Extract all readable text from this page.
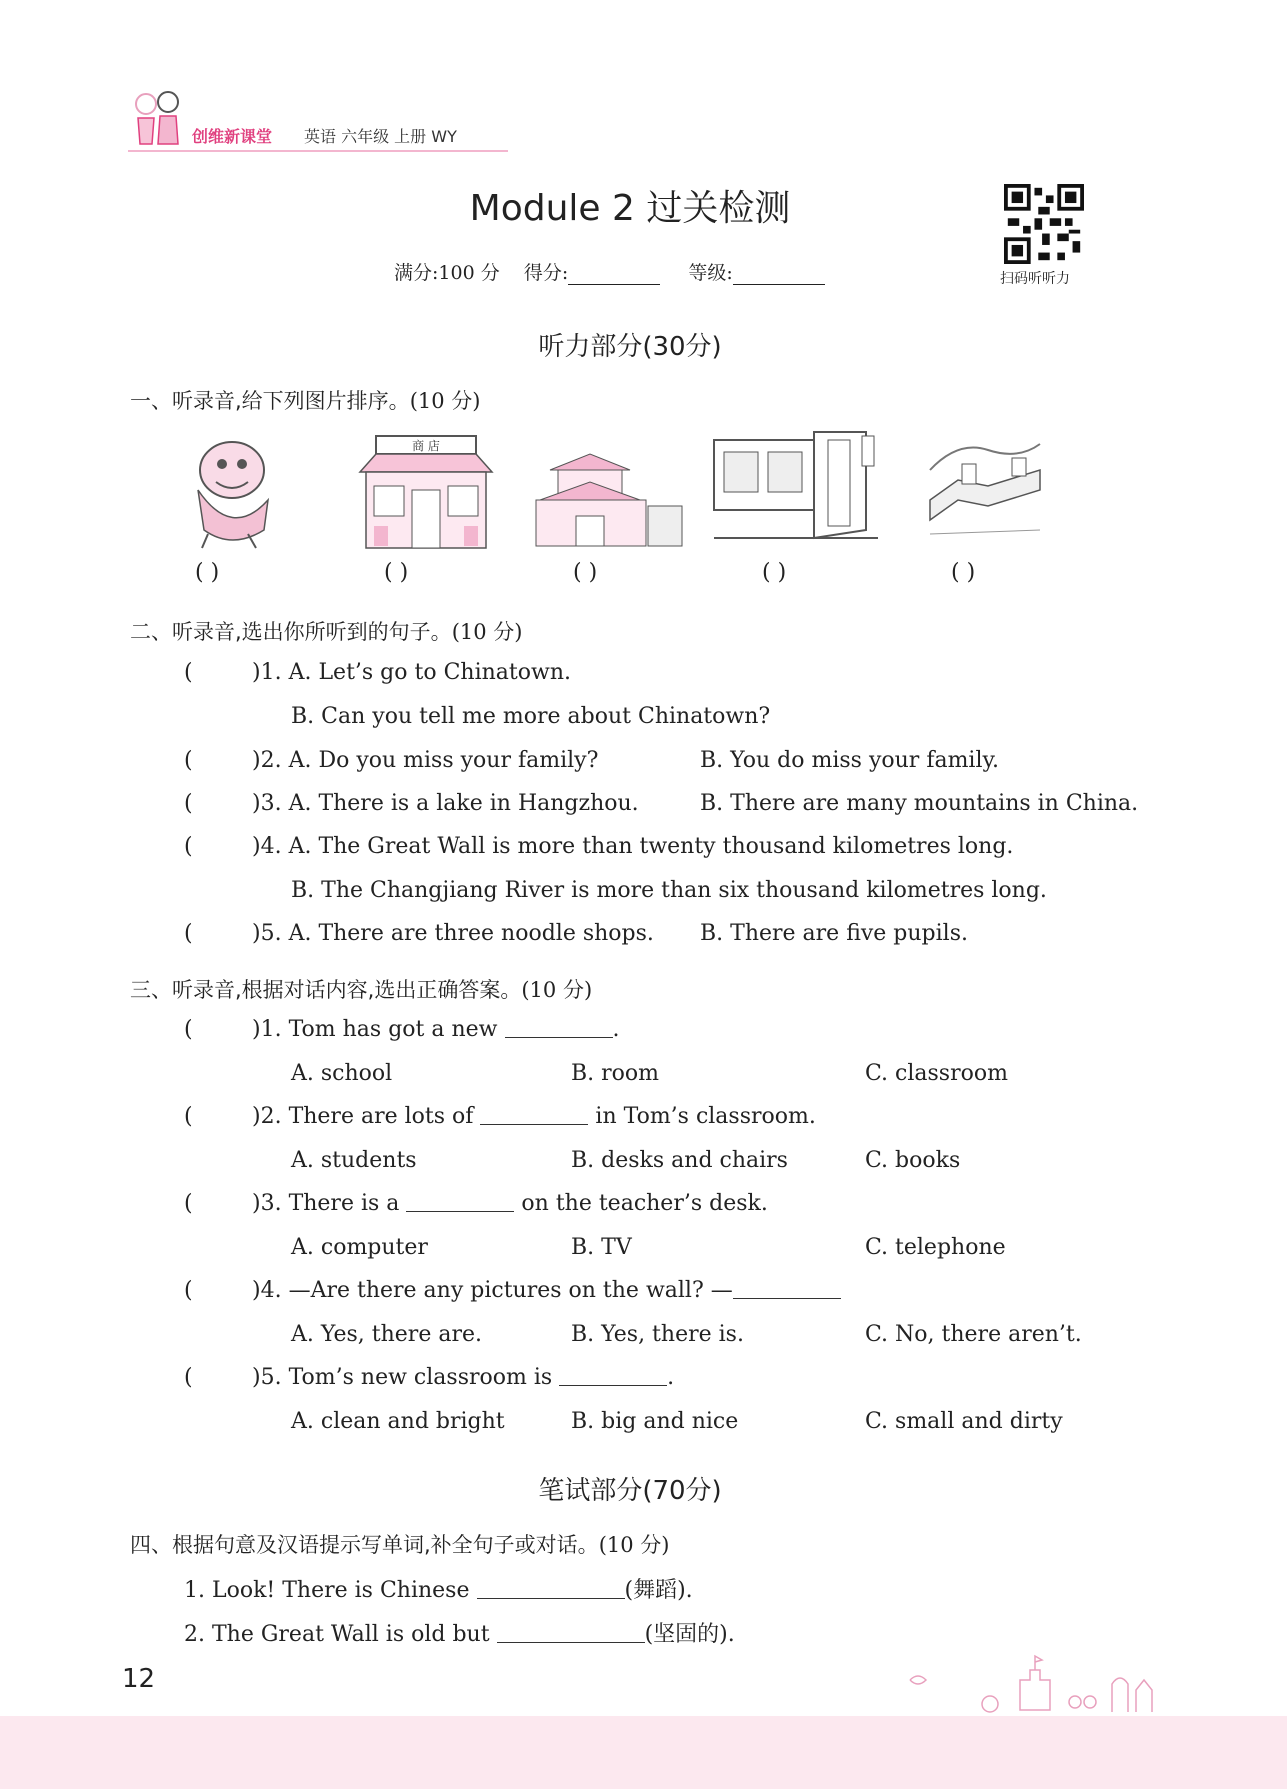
创维新课堂 英语 六年级 上册 WY
Module 2 过关检测
扫码听听力
满分:100 分 得分:	等级:
听力部分(30分)
一、听录音,给下列图片排序。(10 分)
商 店
( )	( )	( )	( )	( )
二、听录音,选出你所听到的句子。(10 分)
(	)1. A. Let’s go to Chinatown.
B. Can you tell me more about Chinatown?
(	)2. A. Do you miss your family?	B. You do miss your family.
(	)3. A. There is a lake in Hangzhou.	B. There are many mountains in China.
(	)4. A. The Great Wall is more than twenty thousand kilometres long.
B. The Changjiang River is more than six thousand kilometres long.
(	)5. A. There are three noodle shops. B. There are five pupils.
三、听录音,根据对话内容,选出正确答案。(10 分)
(	)1. Tom has got a new	.
A. school	B. room	C. classroom
(	)2. There are lots of	in Tom’s classroom.
A. students	B. desks and chairs	C. books
(	)3. There is a	on the teacher’s desk.
A. computer	B. TV	C. telephone
(	)4. —Are there any pictures on the wall? —
A. Yes, there are.	B. Yes, there is.	C. No, there aren’t.
(	)5. Tom’s new classroom is	.
A. clean and bright	B. big and nice	C. small and dirty
笔试部分(70分)
四、根据句意及汉语提示写单词,补全句子或对话。(10 分)
1. Look! There is Chinese	(舞蹈).
2. The Great Wall is old but	(坚固的).
12
